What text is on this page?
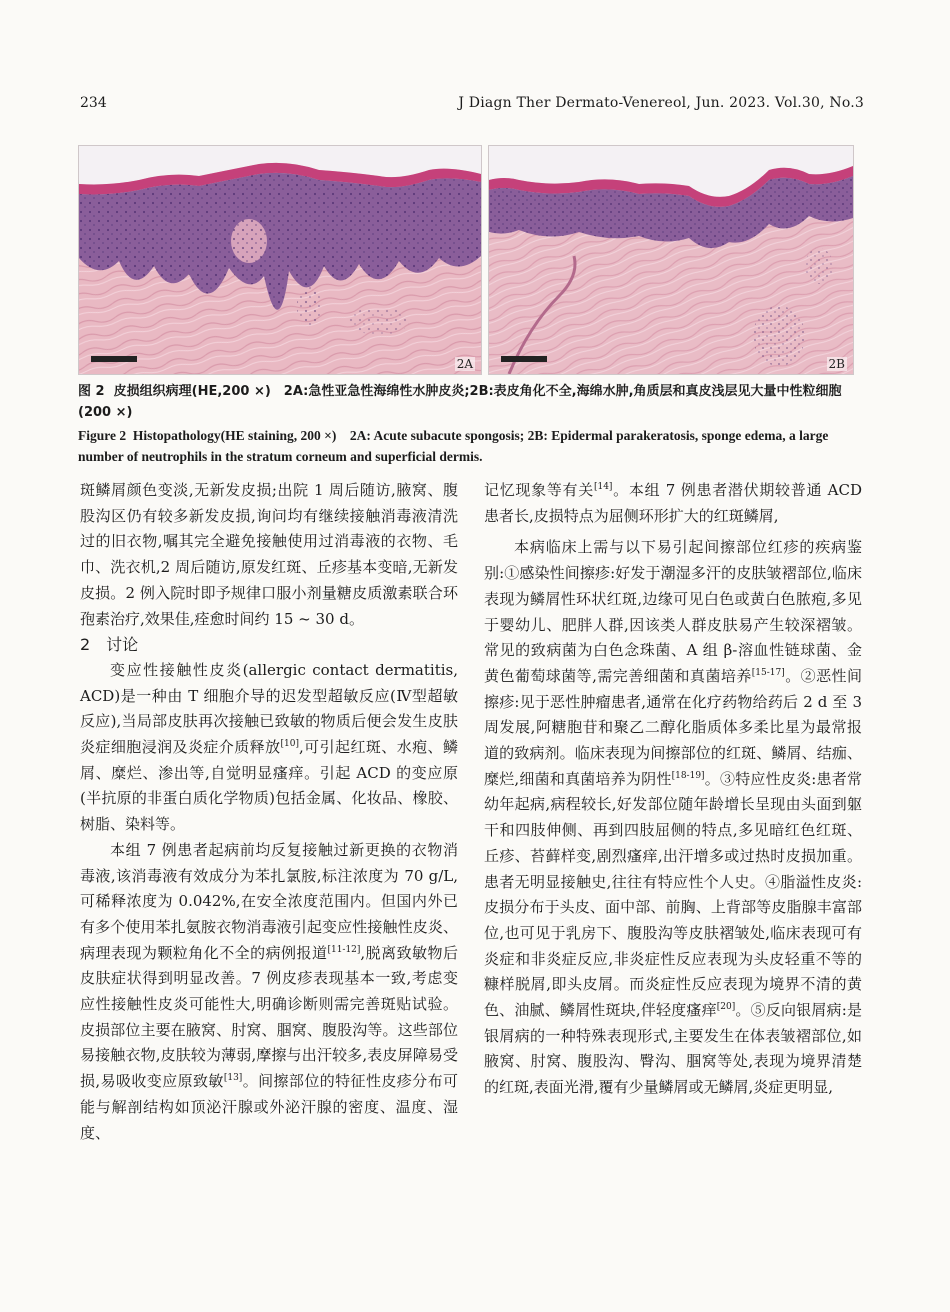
234	J Diagn Ther Dermato-Venereol, Jun. 2023. Vol.30, No.3
2A	2B
图 2 皮损组织病理(HE,200 ×)　2A:急性亚急性海绵性水肿皮炎;2B:表皮角化不全,海绵水肿,角质层和真皮浅层见大量中性粒细胞(200 ×)
Figure 2 Histopathology(HE staining, 200 ×)　2A: Acute subacute spongosis; 2B: Epidermal parakeratosis, sponge edema, a large number of neutrophils in the stratum corneum and superficial dermis.

斑鳞屑颜色变淡,无新发皮损;出院 1 周后随访,腋窝、腹股沟区仍有较多新发皮损,询问均有继续接触消毒液清洗过的旧衣物,嘱其完全避免接触使用过消毒液的衣物、毛巾、洗衣机,2 周后随访,原发红斑、丘疹基本变暗,无新发皮损。2 例入院时即予规律口服小剂量糖皮质激素联合环孢素治疗,效果佳,痊愈时间约 15 ~ 30 d。

2　讨论

变应性接触性皮炎(allergic contact dermatitis, ACD)是一种由 T 细胞介导的迟发型超敏反应(Ⅳ型超敏反应),当局部皮肤再次接触已致敏的物质后便会发生皮肤炎症细胞浸润及炎症介质释放[10],可引起红斑、水疱、鳞屑、糜烂、渗出等,自觉明显瘙痒。引起 ACD 的变应原(半抗原的非蛋白质化学物质)包括金属、化妆品、橡胶、树脂、染料等。

本组 7 例患者起病前均反复接触过新更换的衣物消毒液,该消毒液有效成分为苯扎氯胺,标注浓度为 70 g/L,可稀释浓度为 0.042%,在安全浓度范围内。但国内外已有多个使用苯扎氨胺衣物消毒液引起变应性接触性皮炎、病理表现为颗粒角化不全的病例报道[11-12],脱离致敏物后皮肤症状得到明显改善。7 例皮疹表现基本一致,考虑变应性接触性皮炎可能性大,明确诊断则需完善斑贴试验。皮损部位主要在腋窝、肘窝、腘窝、腹股沟等。这些部位易接触衣物,皮肤较为薄弱,摩擦与出汗较多,表皮屏障易受损,易吸收变应原致敏[13]。间擦部位的特征性皮疹分布可能与解剖结构如顶泌汗腺或外泌汗腺的密度、温度、湿度、

记忆现象等有关[14]。本组 7 例患者潜伏期较普通 ACD 患者长,皮损特点为屈侧环形扩大的红斑鳞屑,

本病临床上需与以下易引起间擦部位红疹的疾病鉴别:①感染性间擦疹:好发于潮湿多汗的皮肤皱褶部位,临床表现为鳞屑性环状红斑,边缘可见白色或黄白色脓疱,多见于婴幼儿、肥胖人群,因该类人群皮肤易产生较深褶皱。常见的致病菌为白色念珠菌、A 组 β-溶血性链球菌、金黄色葡萄球菌等,需完善细菌和真菌培养[15-17]。②恶性间擦疹:见于恶性肿瘤患者,通常在化疗药物给药后 2 d 至 3 周发展,阿糖胞苷和聚乙二醇化脂质体多柔比星为最常报道的致病剂。临床表现为间擦部位的红斑、鳞屑、结痂、糜烂,细菌和真菌培养为阴性[18-19]。③特应性皮炎:患者常幼年起病,病程较长,好发部位随年龄增长呈现由头面到躯干和四肢伸侧、再到四肢屈侧的特点,多见暗红色红斑、丘疹、苔藓样变,剧烈瘙痒,出汗增多或过热时皮损加重。患者无明显接触史,往往有特应性个人史。④脂溢性皮炎:皮损分布于头皮、面中部、前胸、上背部等皮脂腺丰富部位,也可见于乳房下、腹股沟等皮肤褶皱处,临床表现可有炎症和非炎症反应,非炎症性反应表现为头皮轻重不等的糠样脱屑,即头皮屑。而炎症性反应表现为境界不清的黄色、油腻、鳞屑性斑块,伴轻度瘙痒[20]。⑤反向银屑病:是银屑病的一种特殊表现形式,主要发生在体表皱褶部位,如腋窝、肘窝、腹股沟、臀沟、腘窝等处,表现为境界清楚的红斑,表面光滑,覆有少量鳞屑或无鳞屑,炎症更明显,
